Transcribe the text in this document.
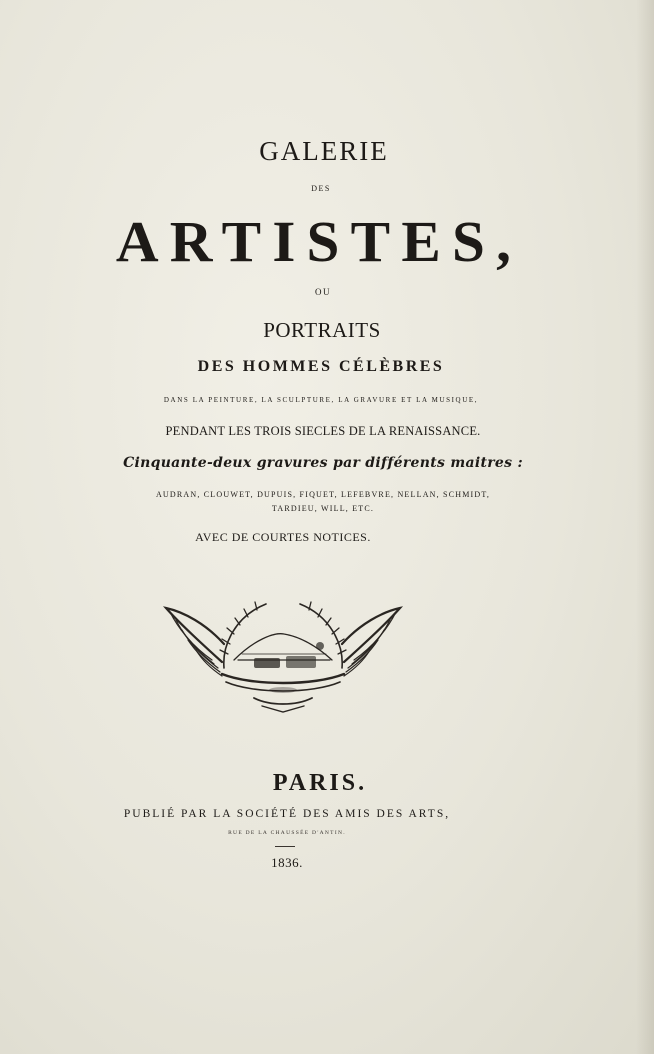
GALERIE
DES
ARTISTES,
OU
PORTRAITS
DES HOMMES CÉLÈBRES
DANS LA PEINTURE, LA SCULPTURE, LA GRAVURE ET LA MUSIQUE,
PENDANT LES TROIS SIECLES DE LA RENAISSANCE.
Cinquante-deux gravures par différents maitres :
AUDRAN, CLOUWET, DUPUIS, FIQUET, LEFEBVRE, NELLAN, SCHMIDT,
TARDIEU, WILL, ETC.
AVEC DE COURTES NOTICES.
PARIS.
PUBLIÉ PAR LA SOCIÉTÉ DES AMIS DES ARTS,
RUE DE LA CHAUSSÉE D'ANTIN.
1836.
